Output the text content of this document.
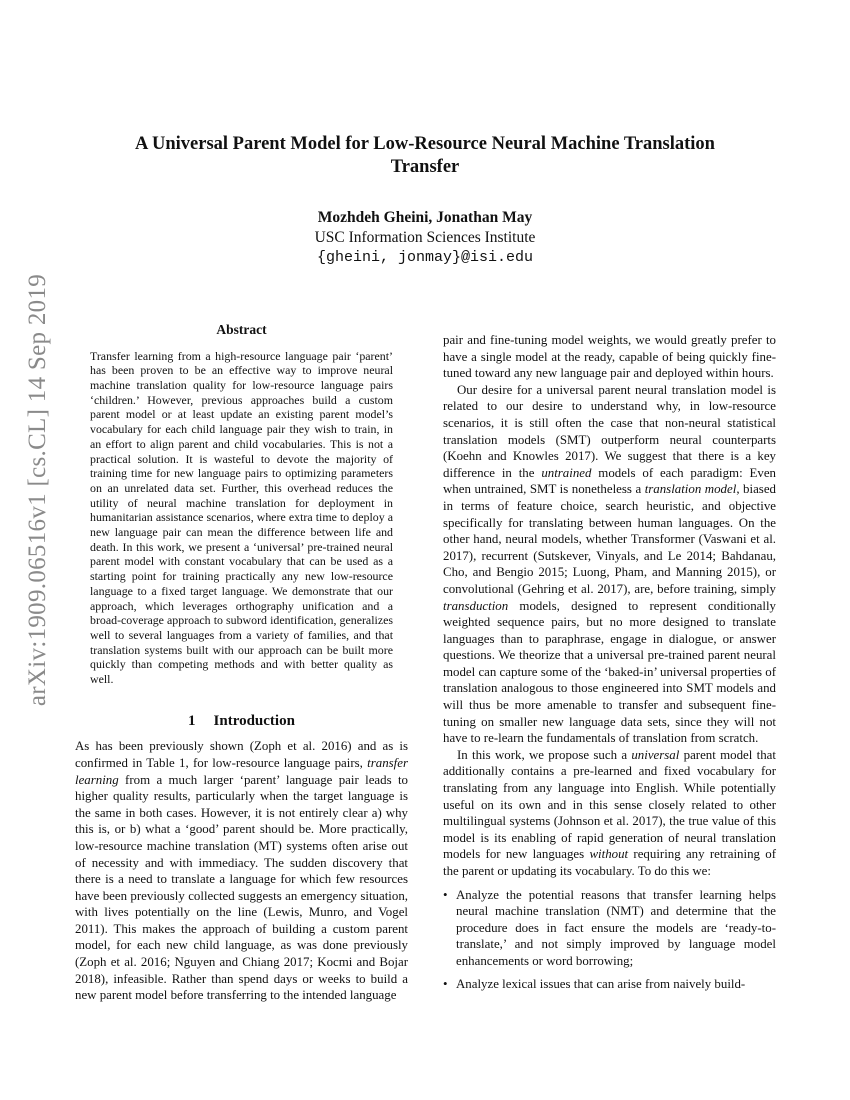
arXiv:1909.06516v1 [cs.CL] 14 Sep 2019
A Universal Parent Model for Low-Resource Neural Machine Translation
Transfer
Mozhdeh Gheini, Jonathan May
USC Information Sciences Institute
{gheini, jonmay}@isi.edu
Abstract

Transfer learning from a high-resource language pair ‘parent’ has been proven to be an effective way to improve neural machine translation quality for low-resource language pairs ‘children.’ However, previous approaches build a custom parent model or at least update an existing parent model’s vocabulary for each child language pair they wish to train, in an effort to align parent and child vocabularies. This is not a practical solution. It is wasteful to devote the majority of training time for new language pairs to optimizing parameters on an unrelated data set. Further, this overhead reduces the utility of neural machine translation for deployment in humanitarian assistance scenarios, where extra time to deploy a new language pair can mean the difference between life and death. In this work, we present a ‘universal’ pre-trained neural parent model with constant vocabulary that can be used as a starting point for training practically any new low-resource language to a fixed target language. We demonstrate that our approach, which leverages orthography unification and a broad-coverage approach to subword identification, generalizes well to several languages from a variety of families, and that translation systems built with our approach can be built more quickly than competing methods and with better quality as well.

1 Introduction

As has been previously shown (Zoph et al. 2016) and as is confirmed in Table 1, for low-resource language pairs, transfer learning from a much larger ‘parent’ language pair leads to higher quality results, particularly when the target language is the same in both cases. However, it is not entirely clear a) why this is, or b) what a ‘good’ parent should be. More practically, low-resource machine translation (MT) systems often arise out of necessity and with immediacy. The sudden discovery that there is a need to translate a language for which few resources have been previously collected suggests an emergency situation, with lives potentially on the line (Lewis, Munro, and Vogel 2011). This makes the approach of building a custom parent model, for each new child language, as was done previously (Zoph et al. 2016; Nguyen and Chiang 2017; Kocmi and Bojar 2018), infeasible. Rather than spend days or weeks to build a new parent model before transferring to the intended language

pair and fine-tuning model weights, we would greatly prefer to have a single model at the ready, capable of being quickly fine-tuned toward any new language pair and deployed within hours.

Our desire for a universal parent neural translation model is related to our desire to understand why, in low-resource scenarios, it is still often the case that non-neural statistical translation models (SMT) outperform neural counterparts (Koehn and Knowles 2017). We suggest that there is a key difference in the untrained models of each paradigm: Even when untrained, SMT is nonetheless a translation model, biased in terms of feature choice, search heuristic, and objective specifically for translating between human languages. On the other hand, neural models, whether Transformer (Vaswani et al. 2017), recurrent (Sutskever, Vinyals, and Le 2014; Bahdanau, Cho, and Bengio 2015; Luong, Pham, and Manning 2015), or convolutional (Gehring et al. 2017), are, before training, simply transduction models, designed to represent conditionally weighted sequence pairs, but no more designed to translate languages than to paraphrase, engage in dialogue, or answer questions. We theorize that a universal pre-trained parent neural model can capture some of the ‘baked-in’ universal properties of translation analogous to those engineered into SMT models and will thus be more amenable to transfer and subsequent fine-tuning on smaller new language data sets, since they will not have to re-learn the fundamentals of translation from scratch.

In this work, we propose such a universal parent model that additionally contains a pre-learned and fixed vocabulary for translating from any language into English. While potentially useful on its own and in this sense closely related to other multilingual systems (Johnson et al. 2017), the true value of this model is its enabling of rapid generation of neural translation models for new languages without requiring any retraining of the parent or updating its vocabulary. To do this we:

• Analyze the potential reasons that transfer learning helps neural machine translation (NMT) and determine that the procedure does in fact ensure the models are ‘ready-to-translate,’ and not simply improved by language model enhancements or word borrowing;
• Analyze lexical issues that can arise from naively build-
